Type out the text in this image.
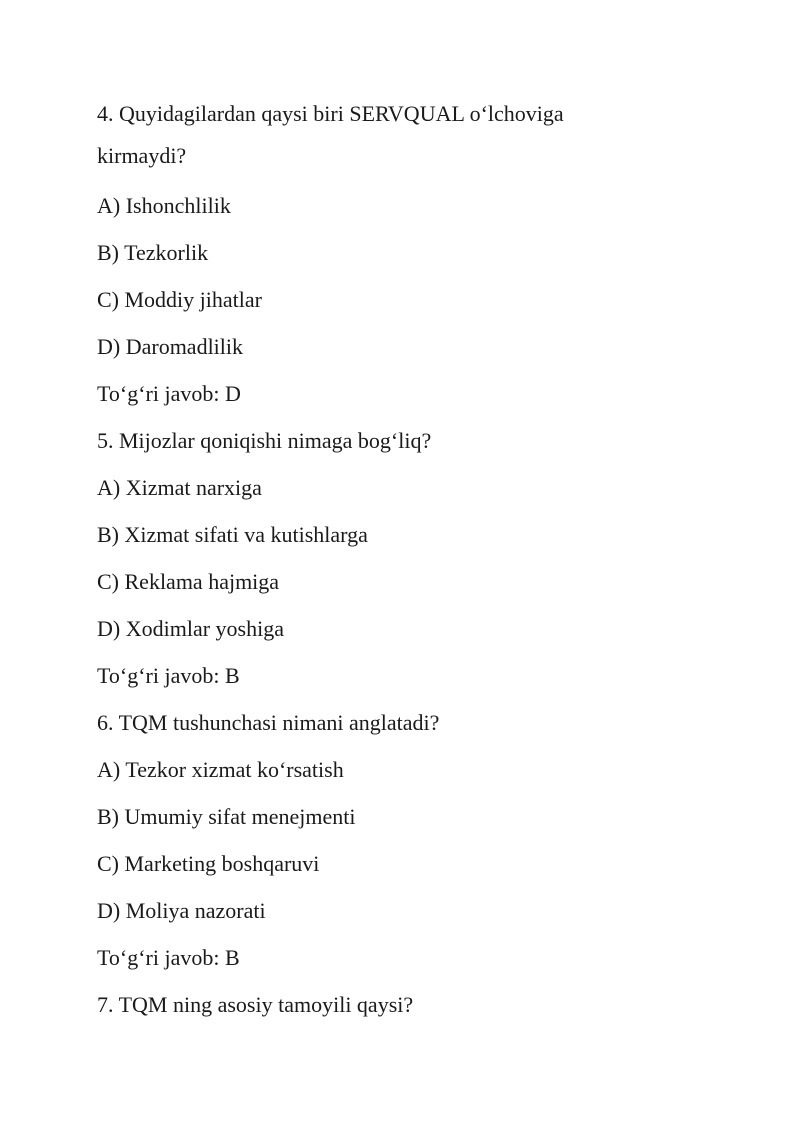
4. Quyidagilardan qaysi biri SERVQUAL o‘lchoviga kirmaydi?
A) Ishonchlilik
B) Tezkorlik
C) Moddiy jihatlar
D) Daromadlilik
To‘g‘ri javob: D
5. Mijozlar qoniqishi nimaga bog‘liq?
A) Xizmat narxiga
B) Xizmat sifati va kutishlarga
C) Reklama hajmiga
D) Xodimlar yoshiga
To‘g‘ri javob: B
6. TQM tushunchasi nimani anglatadi?
A) Tezkor xizmat ko‘rsatish
B) Umumiy sifat menejmenti
C) Marketing boshqaruvi
D) Moliya nazorati
To‘g‘ri javob: B
7. TQM ning asosiy tamoyili qaysi?
